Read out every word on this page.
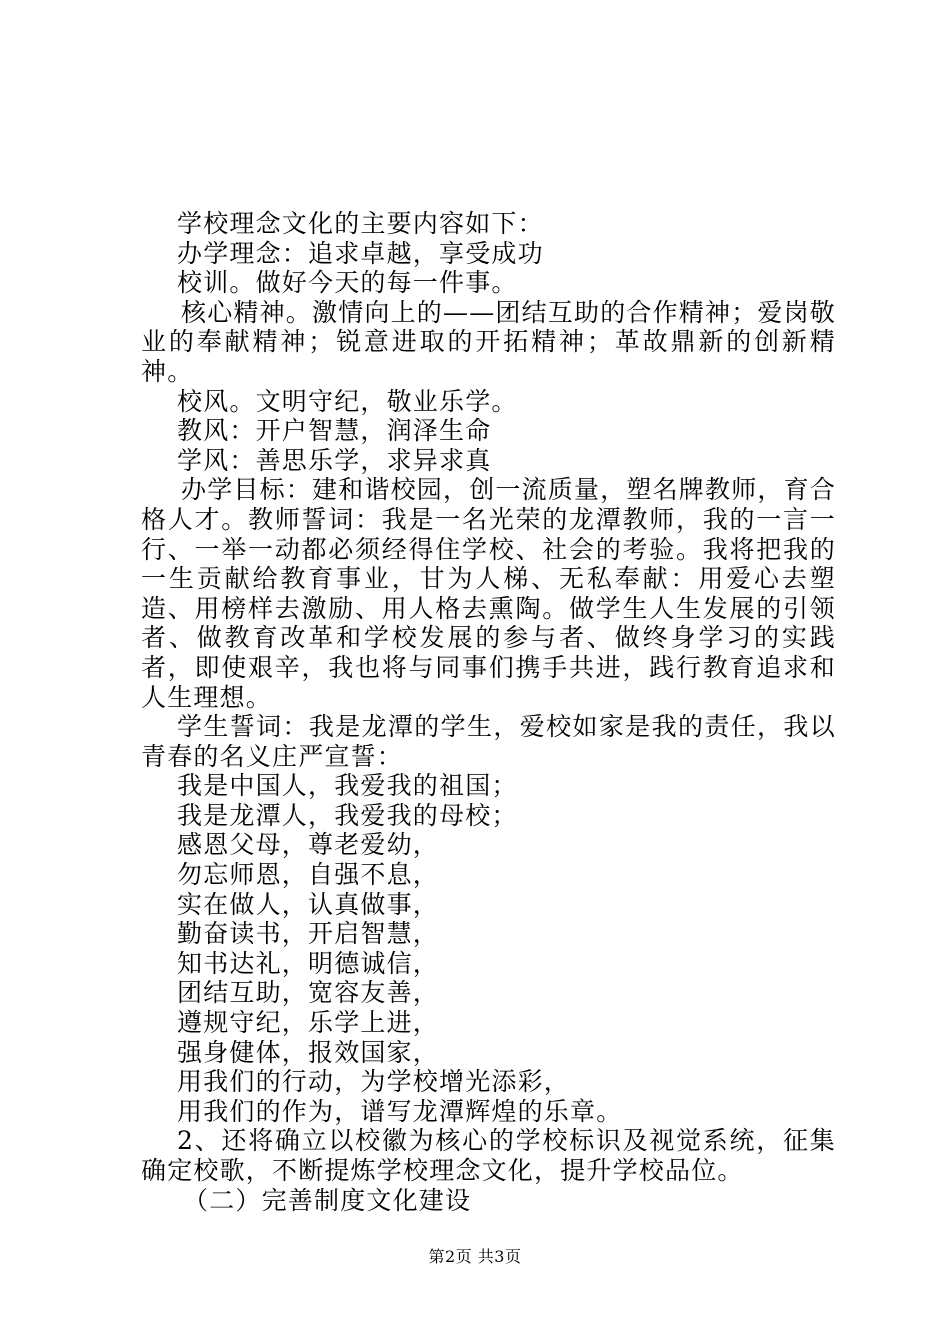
学校理念文化的主要内容如下：

办学理念：追求卓越，享受成功

校训。做好今天的每一件事。

核心精神。激情向上的——团结互助的合作精神；爱岗敬业的奉献精神；锐意进取的开拓精神；革故鼎新的创新精神。

校风。文明守纪，敬业乐学。

教风：开户智慧，润泽生命

学风：善思乐学，求异求真

办学目标：建和谐校园，创一流质量，塑名牌教师，育合格人才。教师誓词：我是一名光荣的龙潭教师，我的一言一行、一举一动都必须经得住学校、社会的考验。我将把我的一生贡献给教育事业，甘为人梯、无私奉献：用爱心去塑造、用榜样去激励、用人格去熏陶。做学生人生发展的引领者、做教育改革和学校发展的参与者、做终身学习的实践者，即使艰辛，我也将与同事们携手共进，践行教育追求和人生理想。

学生誓词：我是龙潭的学生，爱校如家是我的责任，我以青春的名义庄严宣誓：

我是中国人，我爱我的祖国；

我是龙潭人，我爱我的母校；

感恩父母，尊老爱幼，

勿忘师恩，自强不息，

实在做人，认真做事，

勤奋读书，开启智慧，

知书达礼，明德诚信，

团结互助，宽容友善，

遵规守纪，乐学上进，

强身健体，报效国家，

用我们的行动，为学校增光添彩，

用我们的作为，谱写龙潭辉煌的乐章。

2、还将确立以校徽为核心的学校标识及视觉系统，征集确定校歌，不断提炼学校理念文化，提升学校品位。

（二）完善制度文化建设

第2页 共3页
